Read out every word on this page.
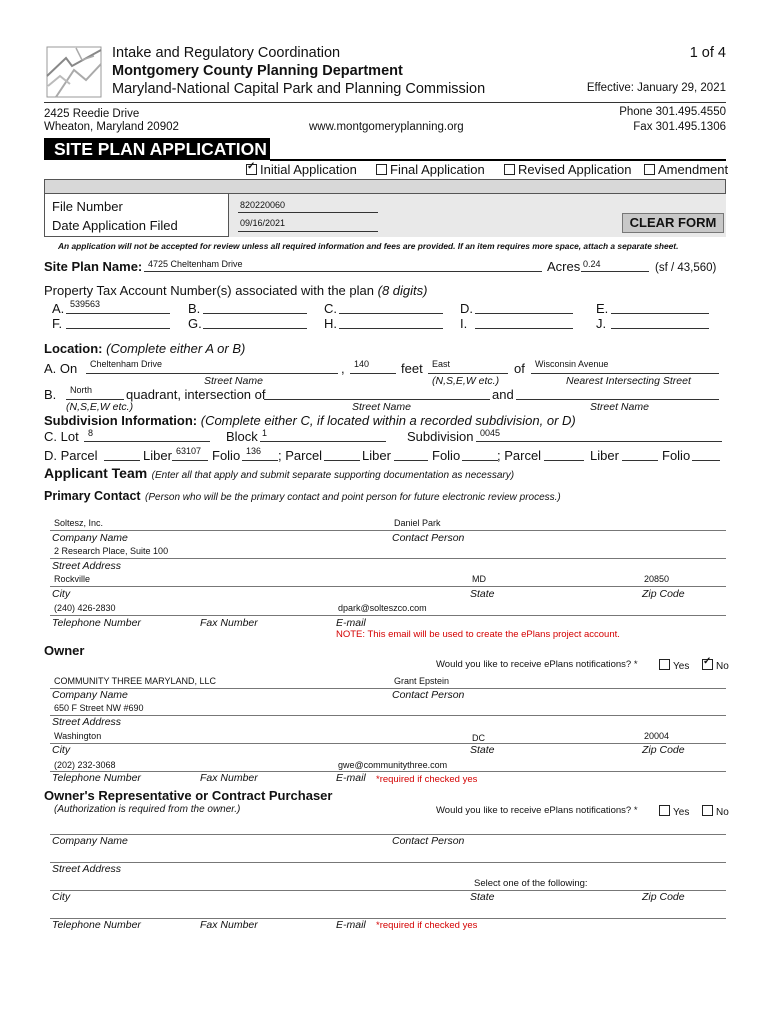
Intake and Regulatory Coordination
Montgomery County Planning Department
Maryland-National Capital Park and Planning Commission
1 of 4
Effective: January 29, 2021
2425 Reedie Drive
Wheaton, Maryland 20902	www.montgomeryplanning.org
Phone 301.495.4550
Fax 301.495.1306
SITE PLAN APPLICATION
✓Initial Application	Final Application	Revised Application	Amendment
File Number
Date Application Filed
820220060
09/16/2021	CLEAR FORM
An application will not be accepted for review unless all required information and fees are provided. If an item requires more space, attach a separate sheet.
Site Plan Name: 4725 Cheltenham Drive	Acres 0.24	(sf / 43,560)
Property Tax Account Number(s) associated with the plan (8 digits)
A. 539563	B.	C.	D.	E.
F.	G.	H.	I.	J.
Location: (Complete either A or B)
A. On Cheltenham Drive	, 140 feet East	of Wisconsin Avenue
Street Name	(N,S,E,W etc.)	Nearest Intersecting Street
B. North	quadrant, intersection of	and
(N,S,E,W etc.)	Street Name	Street Name
Subdivision Information: (Complete either C, if located within a recorded subdivision, or D)
C. Lot 8	Block 1	Subdivision 0045
D. Parcel	Liber 63107 Folio 136 ; Parcel	Liber	Folio	; Parcel	Liber	Folio
Applicant Team (Enter all that apply and submit separate supporting documentation as necessary)
Primary Contact (Person who will be the primary contact and point person for future electronic review process.)
Soltesz, Inc.	Daniel Park
Company Name	Contact Person
2 Research Place, Suite 100
Street Address
Rockville	MD	20850
City	State	Zip Code
(240) 426-2830	dpark@solteszco.com
Telephone Number	Fax Number	E-mail
NOTE: This email will be used to create the ePlans project account.
Owner
Would you like to receive ePlans notifications? *	Yes
✓	No
COMMUNITY THREE MARYLAND, LLC	Grant Epstein
Company Name	Contact Person
650 F Street NW #690
Street Address
Washington	DC	20004
City	State	Zip Code
(202) 232-3068	gwe@communitythree.com
Telephone Number	Fax Number	E-mail *required if checked yes
Owner's Representative or Contract Purchaser
(Authorization is required from the owner.)	Would you like to receive ePlans notifications? *	Yes	No
Company Name	Contact Person
Street Address
Select one of the following:
City	State	Zip Code
Telephone Number	Fax Number	E-mail *required if checked yes
